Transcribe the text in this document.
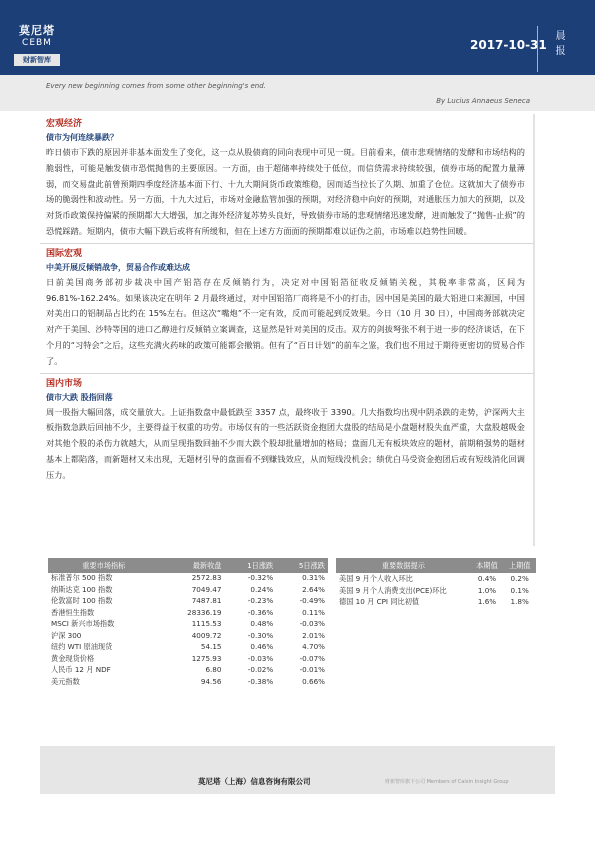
莫尼塔
CEBM
财新智库
2017-10-31
晨
报
Every new beginning comes from some other beginning's end.
By Lucius Annaeus Seneca
宏观经济
债市为何连续暴跌？

昨日债市下跌的原因并非基本面发生了变化，这一点从股债商的同向表现中可见一斑。目前看来，债市悲观情绪的发酵和市场结构的脆弱性，可能是触发债市恐慌抛售的主要原因。一方面，由于超储率持续处于低位，而信贷需求持续较强，债券市场的配置力量薄弱，而交易盘此前曾预期四季度经济基本面下行、十九大期间货币政策维稳，因而适当拉长了久期、加重了仓位。这就加大了债券市场的脆弱性和波动性。另一方面，十九大过后，市场对金融监管加强的预期，对经济稳中向好的预期，对通胀压力加大的预期，以及对货币政策保持偏紧的预期都大大增强，加之海外经济复苏势头良好，导致债券市场的悲观情绪迅速发酵，进而触发了“抛售-止损”的恐慌踩踏。短期内，债市大幅下跌后或将有所缓和，但在上述方方面面的预期都难以证伪之前，市场难以趋势性回暖。

国际宏观
中美开展反倾销战争，贸易合作或难达成

日前美国商务部初步裁决中国产铝箔存在反倾销行为，决定对中国铝箔征收反倾销关税，其税率非常高，区间为 96.81%-162.24%。如果该决定在明年 2 月最终通过，对中国铝箔厂商将是不小的打击，因中国是美国的最大铝进口来源国，中国对美出口的铝制品占比约在 15%左右。但这次“嘴炮”不一定有效，反而可能起到反效果。今日（10 月 30 日），中国商务部就决定对产于美国、沙特等国的进口乙醇进行反倾销立案调查，这显然是针对美国的反击。双方的剑拔弩张不利于进一步的经济谈话，在下个月的“习特会”之后，这些充满火药味的政策可能都会撤销。但有了“百日计划”的前车之鉴，我们也不用过于期待更密切的贸易合作了。

国内市场
债市大跌 股指回落

周一股指大幅回落，成交量放大。上证指数盘中最低跌至 3357 点，最终收于 3390。几大指数均出现中阴杀跌的走势，沪深两大主板指数急跌后回抽不少，主要得益于权重的功劳。市场仅有的一些活跃资金抱团大盘股的结局是小盘题材股失血严重，大盘股越吸金对其他个股的杀伤力就越大，从而呈现指数回抽不少而大跌个股却批量增加的格局；盘面几无有板块效应的题材，前期稍强势的题材基本上都陷落，而新题材又未出现，无题材引导的盘面看不到赚钱效应，从而短线没机会；绩优白马受资金抱团后或有短线消化回调压力。

重要市场指标	最新收盘	1日涨跌	5日涨跌
标准普尔 500 指数	2572.83	-0.32%	0.31%
纳斯达克 100 指数	7049.47	0.24%	2.64%
伦敦富时 100 指数	7487.81	-0.23%	-0.49%
香港恒生指数	28336.19	-0.36%	0.11%
MSCI 新兴市场指数	1115.53	0.48%	-0.03%
沪深 300	4009.72	-0.30%	2.01%
纽约 WTI 原油现货	54.15	0.46%	4.70%
黄金现货价格	1275.93	-0.03%	-0.07%
人民币 12 月 NDF	6.80	-0.02%	-0.01%
美元指数	94.56	-0.38%	0.66%
重要数据提示	本期值	上期值
美国 9 月个人收入环比	0.4%	0.2%
美国 9 月个人消费支出(PCE)环比	1.0%	0.1%
德国 10 月 CPI 同比初值	1.6%	1.8%
莫尼塔（上海）信息咨询有限公司	财新智库旗下公司 Members of Caixin Insight Group
